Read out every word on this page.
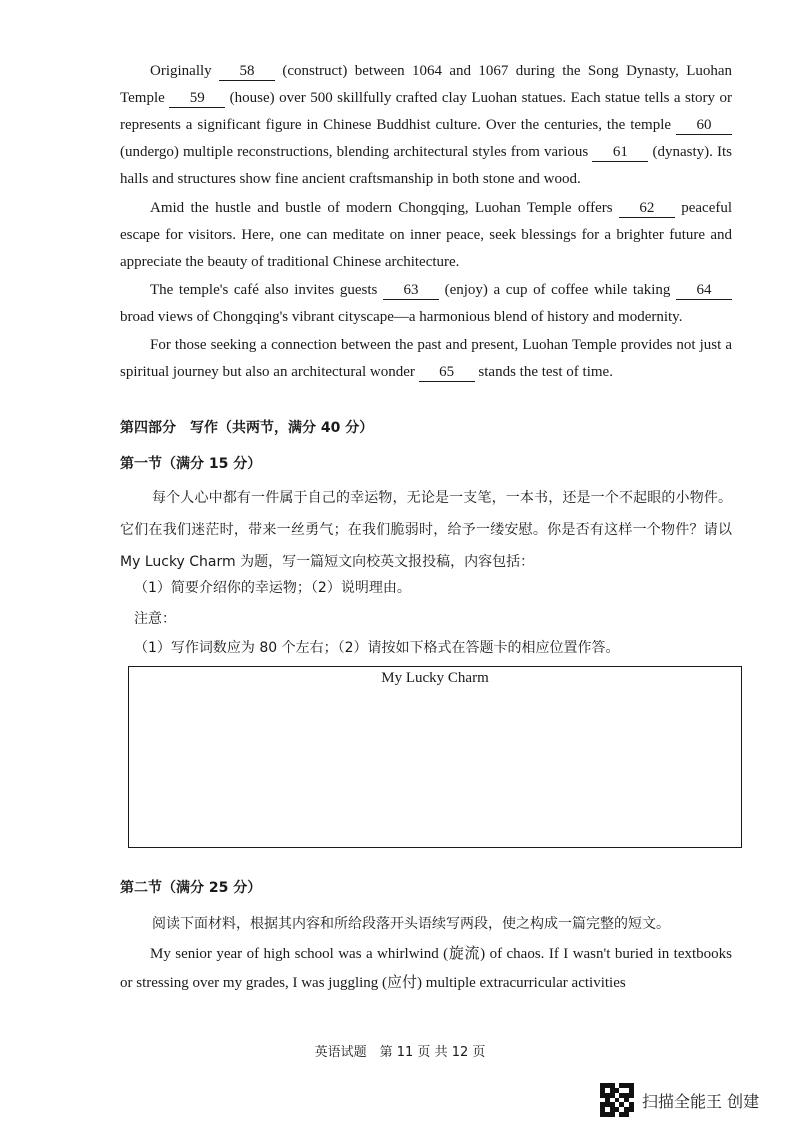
Originally 58 (construct) between 1064 and 1067 during the Song Dynasty, Luohan Temple 59 (house) over 500 skillfully crafted clay Luohan statues. Each statue tells a story or represents a significant figure in Chinese Buddhist culture. Over the centuries, the temple 60 (undergo) multiple reconstructions, blending architectural styles from various 61 (dynasty). Its halls and structures show fine ancient craftsmanship in both stone and wood.

Amid the hustle and bustle of modern Chongqing, Luohan Temple offers 62 peaceful escape for visitors. Here, one can meditate on inner peace, seek blessings for a brighter future and appreciate the beauty of traditional Chinese architecture.

The temple's café also invites guests 63 (enjoy) a cup of coffee while taking 64 broad views of Chongqing's vibrant cityscape—a harmonious blend of history and modernity.

For those seeking a connection between the past and present, Luohan Temple provides not just a spiritual journey but also an architectural wonder 65 stands the test of time.

第四部分　写作（共两节，满分 40 分）
第一节（满分 15 分）
每个人心中都有一件属于自己的幸运物，无论是一支笔，一本书，还是一个不起眼的小物件。它们在我们迷茫时，带来一丝勇气；在我们脆弱时，给予一缕安慰。你是否有这样一个物件？请以 My Lucky Charm 为题，写一篇短文向校英文报投稿，内容包括：
（1）简要介绍你的幸运物；（2）说明理由。
注意：
（1）写作词数应为 80 个左右；（2）请按如下格式在答题卡的相应位置作答。
My Lucky Charm
第二节（满分 25 分）
阅读下面材料，根据其内容和所给段落开头语续写两段，使之构成一篇完整的短文。

My senior year of high school was a whirlwind (旋流) of chaos. If I wasn't buried in textbooks or stressing over my grades, I was juggling (应付) multiple extracurricular activities

英语试题　第 11 页 共 12 页
扫描全能王 创建
